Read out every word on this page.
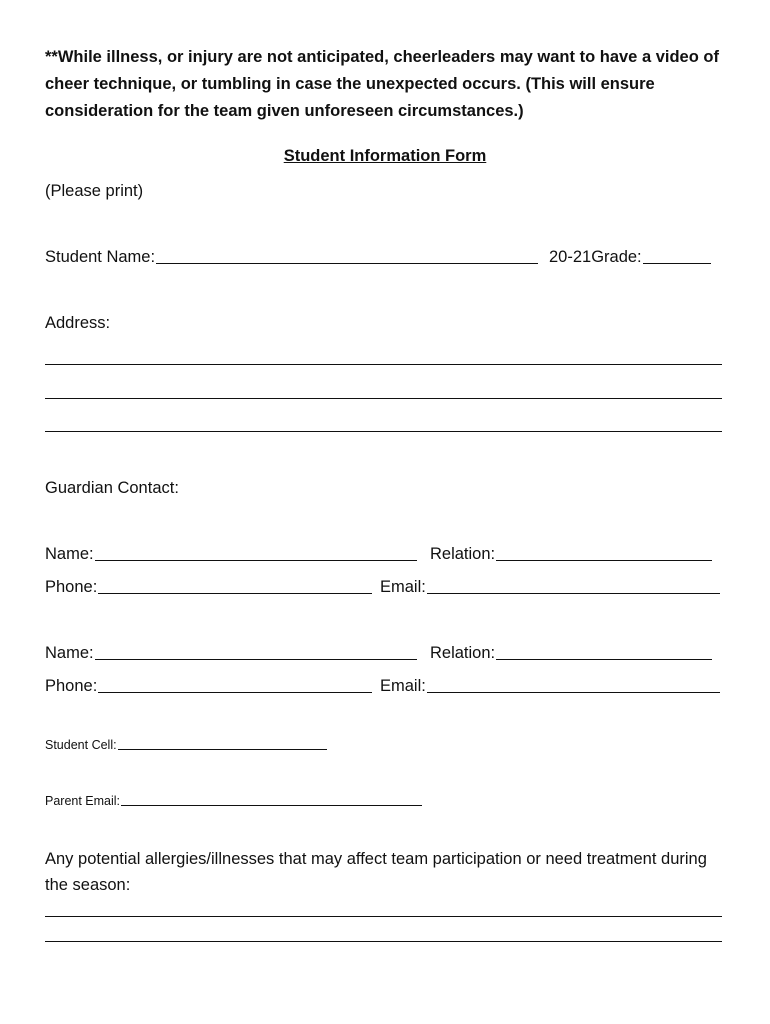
**While illness, or injury are not anticipated, cheerleaders may want to have a video of cheer technique, or tumbling in case the unexpected occurs. (This will ensure consideration for the team given unforeseen circumstances.)
Student Information Form
(Please print)
Student Name:	20-21Grade:
Address:
Guardian Contact:
Name:	Relation:
Phone:	Email:
Name:	Relation:
Phone:	Email:
Student Cell:
Parent Email:
Any potential allergies/illnesses that may affect team participation or need treatment during the season:
